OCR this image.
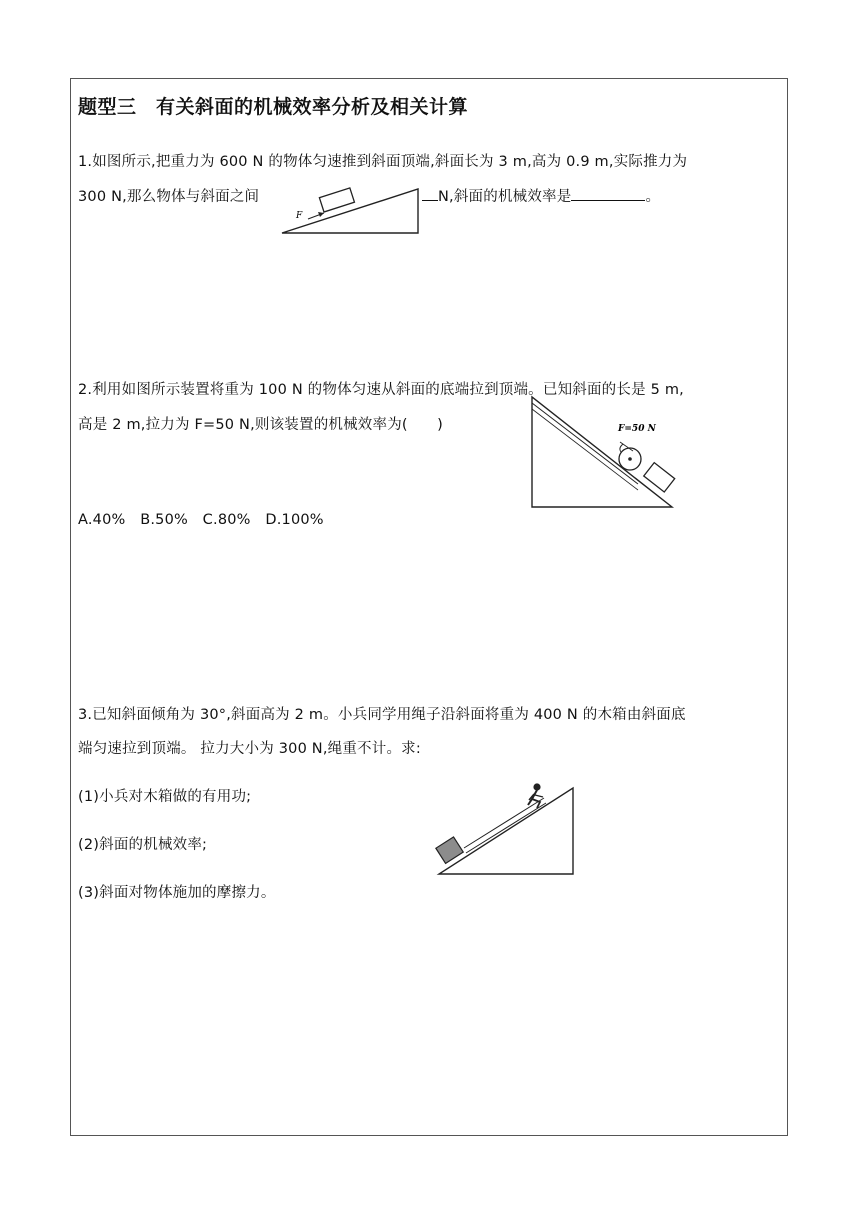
题型三　有关斜面的机械效率分析及相关计算
1.如图所示,把重力为 600 N 的物体匀速推到斜面顶端,斜面长为 3 m,高为 0.9 m,实际推力为
300 N,那么物体与斜面之间	N,斜面的机械效率是	。
F
2.利用如图所示装置将重为 100 N 的物体匀速从斜面的底端拉到顶端。已知斜面的长是 5 m,
高是 2 m,拉力为 F=50 N,则该装置的机械效率为(　　)
A.40%　B.50%　C.80%　D.100%
F=50 N
3.已知斜面倾角为 30°,斜面高为 2 m。小兵同学用绳子沿斜面将重为 400 N 的木箱由斜面底
端匀速拉到顶端。 拉力大小为 300 N,绳重不计。求:
(1)小兵对木箱做的有用功;
(2)斜面的机械效率;
(3)斜面对物体施加的摩擦力。
